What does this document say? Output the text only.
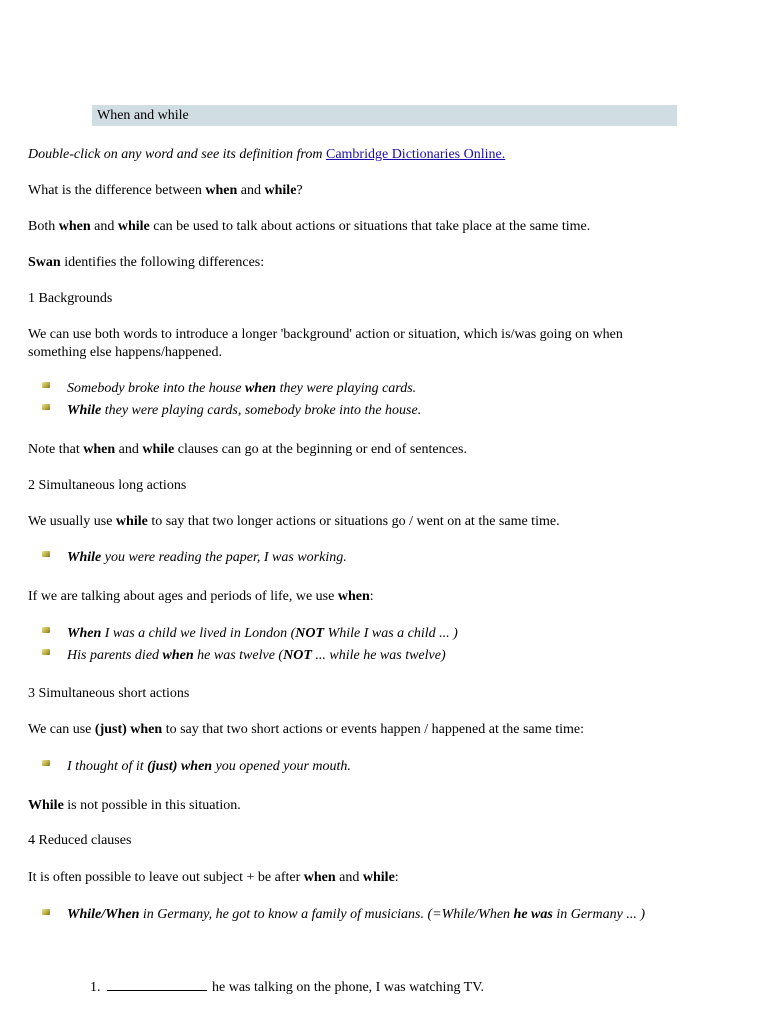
When and while

Double-click on any word and see its definition from Cambridge Dictionaries Online.

What is the difference between when and while?

Both when and while can be used to talk about actions or situations that take place at the same time.

Swan identifies the following differences:

1 Backgrounds

We can use both words to introduce a longer 'background' action or situation, which is/was going on when something else happens/happened.

Somebody broke into the house when they were playing cards.
While they were playing cards, somebody broke into the house.

Note that when and while clauses can go at the beginning or end of sentences.

2 Simultaneous long actions

We usually use while to say that two longer actions or situations go / went on at the same time.

While you were reading the paper, I was working.

If we are talking about ages and periods of life, we use when:

When I was a child we lived in London (NOT While I was a child ... )
His parents died when he was twelve (NOT ... while he was twelve)

3 Simultaneous short actions

We can use (just) when to say that two short actions or events happen / happened at the same time:

I thought of it (just) when you opened your mouth.

While is not possible in this situation.

4 Reduced clauses

It is often possible to leave out subject + be after when and while:

While/When in Germany, he got to know a family of musicians. (=While/When he was in Germany ... )
1.	he was talking on the phone, I was watching TV.
